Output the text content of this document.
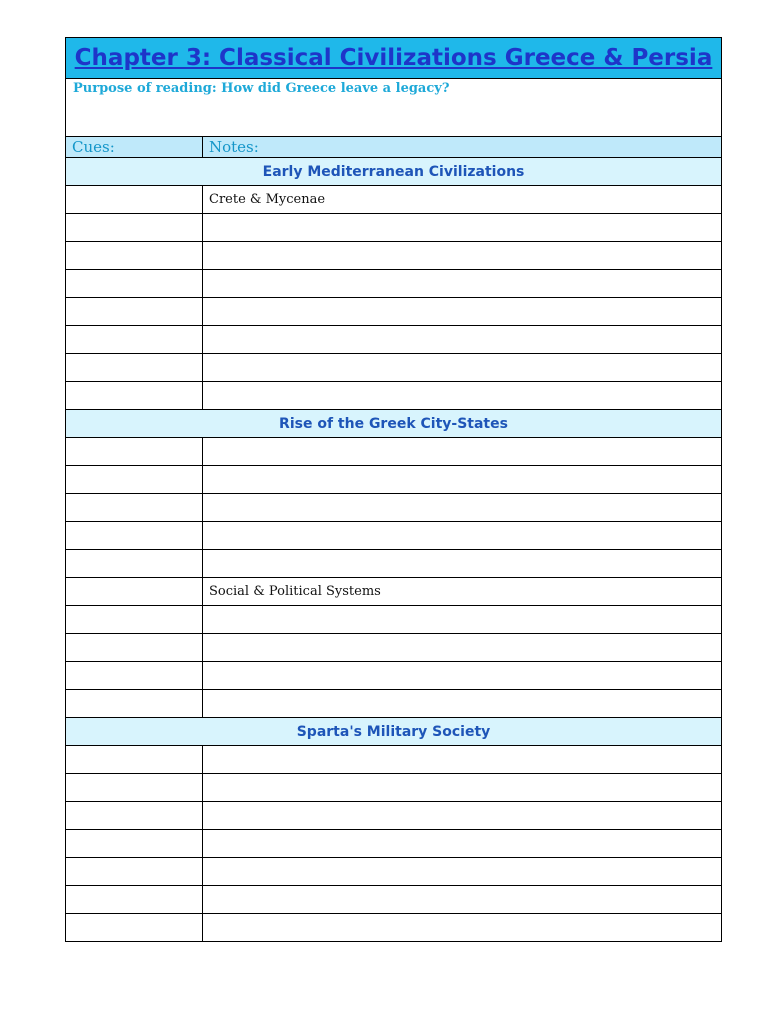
Chapter 3: Classical Civilizations Greece & Persia	
Purpose of reading: How did Greece leave a legacy?	
Cues:	Notes:
Early Mediterranean Civilizations	
	Crete & Mycenae

Rise of the Greek City-States	

	Social & Political Systems

Sparta's Military Society	
